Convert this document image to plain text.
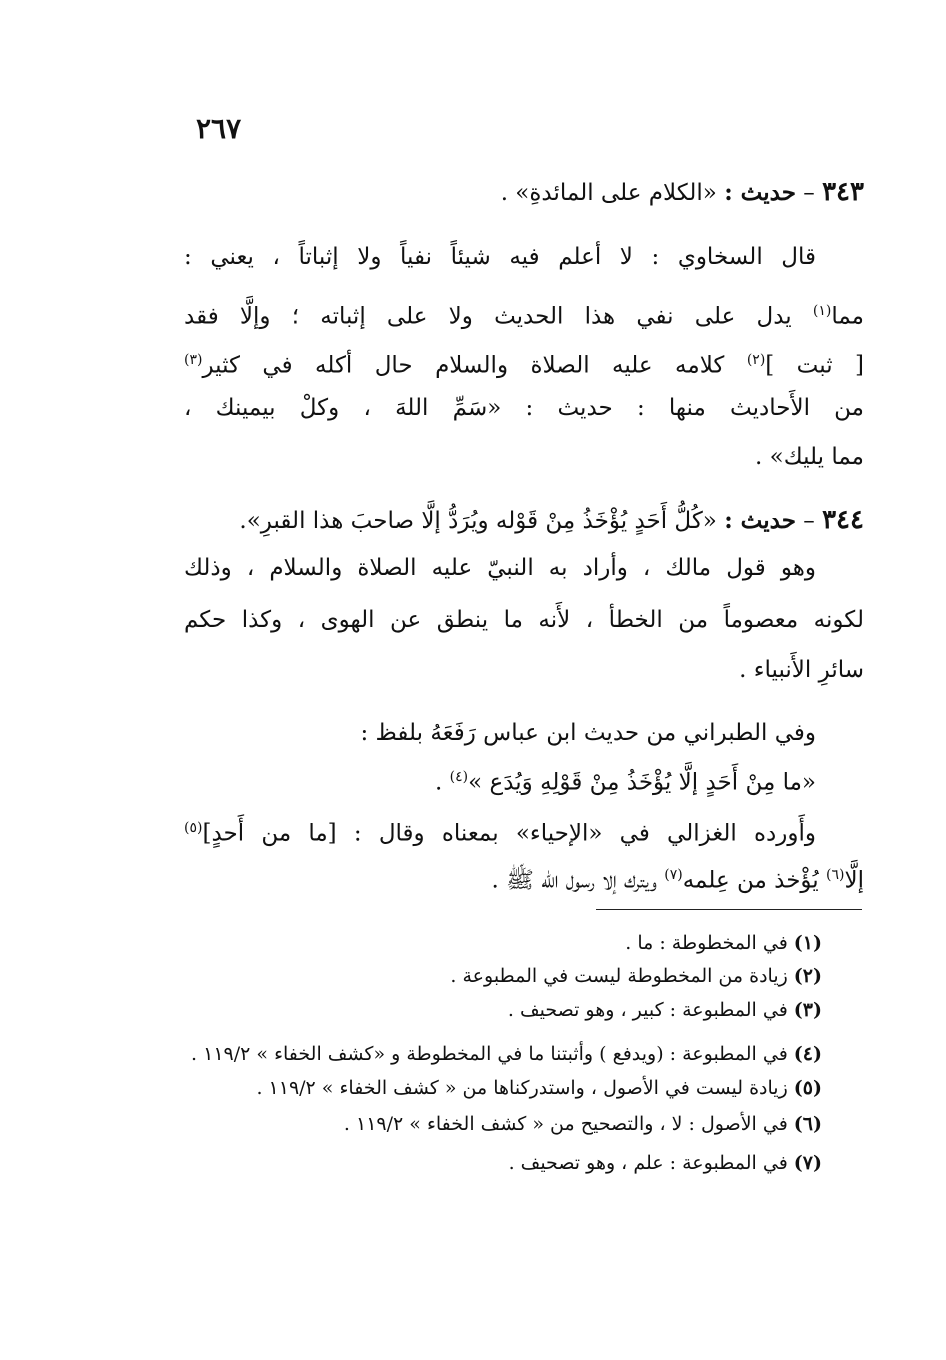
٢٦٧
٣٤٣ – حديث : «الكلام على المائدةِ» .
قال السخاوي : لا أعلم فيه شيئاً نفياً ولا إثباتاً ، يعني :
مما$^{(١)}$ يدل على نفي هذا الحديث ولا على إثباته ؛ وإلَّا فقد
[ ثبت ]$^{(٢)}$ كلامه عليه الصلاة والسلام حال أكله في كثير$^{(٣)}$
من الأَحاديث منها : حديث : «سَمِّ اللهَ ، وكلْ بيمينك ،
مما يليك» .
٣٤٤ – حديث : «كُلُّ أَحَدٍ يُؤْخَذُ مِنْ قَوْله ويُرَدُّ إلَّا صاحبَ هذا القبرِ».
وهو قول مالك ، وأراد به النبيّ عليه الصلاة والسلام ، وذلك
لكونه معصوماً من الخطأ ، لأَنه ما ينطق عن الهوى ، وكذا حكم
سائرِ الأَنبياء .
وفي الطبراني من حديث ابن عباس رَفَعَهُ بلفظ :
«ما مِنْ أَحَدٍ إلَّا يُؤْخَذُ مِنْ قَوْلِهِ وَيُدَع »$^{(٤)}$ .
وأَورده الغزالي في «الإحياء» بمعناه وقال : [ما من أَحدٍ]$^{(٥)}$
إلَّا$^{(٦)}$ يُؤْخذ من عِلمه$^{(٧)}$ ويترك إلا رسول الله ﷺ .
(١)في المخطوطة : ما .
(٢)زيادة من المخطوطة ليست في المطبوعة .
(٣)في المطبوعة : كبير ، وهو تصحيف .
(٤)في المطبوعة : (ويدفع ) وأثبتنا ما في المخطوطة و «كشف الخفاء » ١١٩/٢ .
(٥)زيادة ليست في الأصول ، واستدركناها من « كشف الخفاء » ١١٩/٢ .
(٦)في الأصول : لا ، والتصحيح من « كشف الخفاء » ١١٩/٢ .
(٧)في المطبوعة : علم ، وهو تصحيف .
